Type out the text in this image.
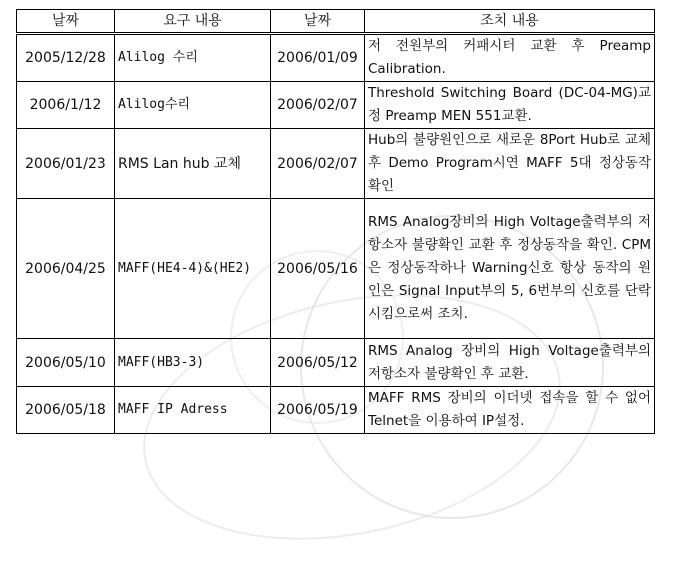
날짜	요구 내용	날짜	조치 내용
2005/12/28	Alilog 수리	2006/01/09	저 전원부의 커패시터 교환 후 Preamp Calibration.
2006/1/12	Alilog수리	2006/02/07	Threshold Switching Board (DC-04-MG)교정 Preamp MEN 551교환.
2006/01/23	RMS Lan hub 교체	2006/02/07	Hub의 불량원인으로 새로운 8Port Hub로 교체 후 Demo Program시연 MAFF 5대 정상동작 확인
2006/04/25	MAFF(HE4-4)&(HE2)	2006/05/16	RMS Analog장비의 High Voltage출력부의 저항소자 불량확인 교환 후 정상동작을 확인. CPM은 정상동작하나 Warning신호 항상 동작의 원인은 Signal Input부의 5, 6번부의 신호를 단락시킴으로써 조치.
2006/05/10	MAFF(HB3-3)	2006/05/12	RMS Analog 장비의 High Voltage출력부의 저항소자 불량확인 후 교환.
2006/05/18	MAFF IP Adress	2006/05/19	MAFF RMS 장비의 이더넷 접속을 할 수 없어 Telnet을 이용하여 IP설정.
